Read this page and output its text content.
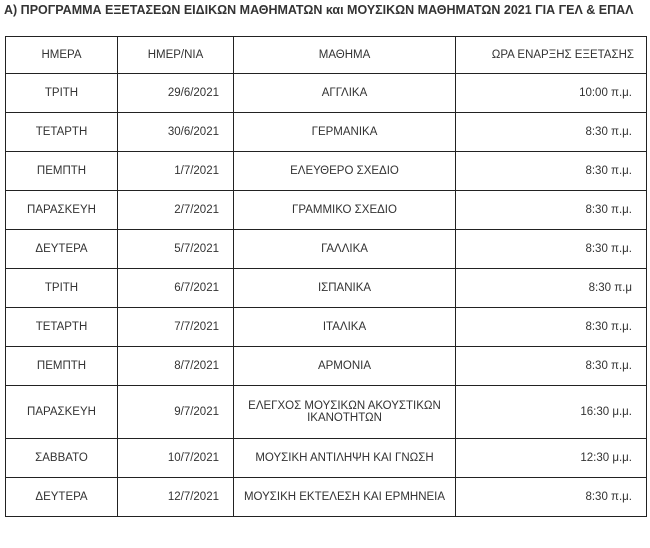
Α) ΠΡΟΓΡΑΜΜΑ ΕΞΕΤΑΣΕΩΝ ΕΙΔΙΚΩΝ ΜΑΘΗΜΑΤΩΝ και ΜΟΥΣΙΚΩΝ ΜΑΘΗΜΑΤΩΝ 2021 ΓΙΑ ΓΕΛ & ΕΠΑΛ
ΗΜΕΡΑ	ΗΜΕΡ/ΝΙΑ	ΜΑΘΗΜΑ	ΩΡΑ ΕΝΑΡΞΗΣ ΕΞΕΤΑΣΗΣ
ΤΡΙΤΗ	29/6/2021	ΑΓΓΛΙΚΑ	10:00 π.μ.
ΤΕΤΑΡΤΗ	30/6/2021	ΓΕΡΜΑΝΙΚΑ	8:30 π.μ.
ΠΕΜΠΤΗ	1/7/2021	ΕΛΕΥΘΕΡΟ ΣΧΕΔΙΟ	8:30 π.μ.
ΠΑΡΑΣΚΕΥΗ	2/7/2021	ΓΡΑΜΜΙΚΟ ΣΧΕΔΙΟ	8:30 π.μ.
ΔΕΥΤΕΡΑ	5/7/2021	ΓΑΛΛΙΚΑ	8:30 π.μ.
ΤΡΙΤΗ	6/7/2021	ΙΣΠΑΝΙΚΑ	8:30 π.μ
ΤΕΤΑΡΤΗ	7/7/2021	ΙΤΑΛΙΚΑ	8:30 π.μ.
ΠΕΜΠΤΗ	8/7/2021	ΑΡΜΟΝΙΑ	8:30 π.μ.
ΠΑΡΑΣΚΕΥΗ	9/7/2021	ΕΛΕΓΧΟΣ ΜΟΥΣΙΚΩΝ ΑΚΟΥΣΤΙΚΩΝ ΙΚΑΝΟΤΗΤΩΝ	16:30 μ.μ.
ΣΑΒΒΑΤΟ	10/7/2021	ΜΟΥΣΙΚΗ ΑΝΤΙΛΗΨΗ ΚΑΙ ΓΝΩΣΗ	12:30 μ.μ.
ΔΕΥΤΕΡΑ	12/7/2021	ΜΟΥΣΙΚΗ ΕΚΤΕΛΕΣΗ ΚΑΙ ΕΡΜΗΝΕΙΑ	8:30 π.μ.
